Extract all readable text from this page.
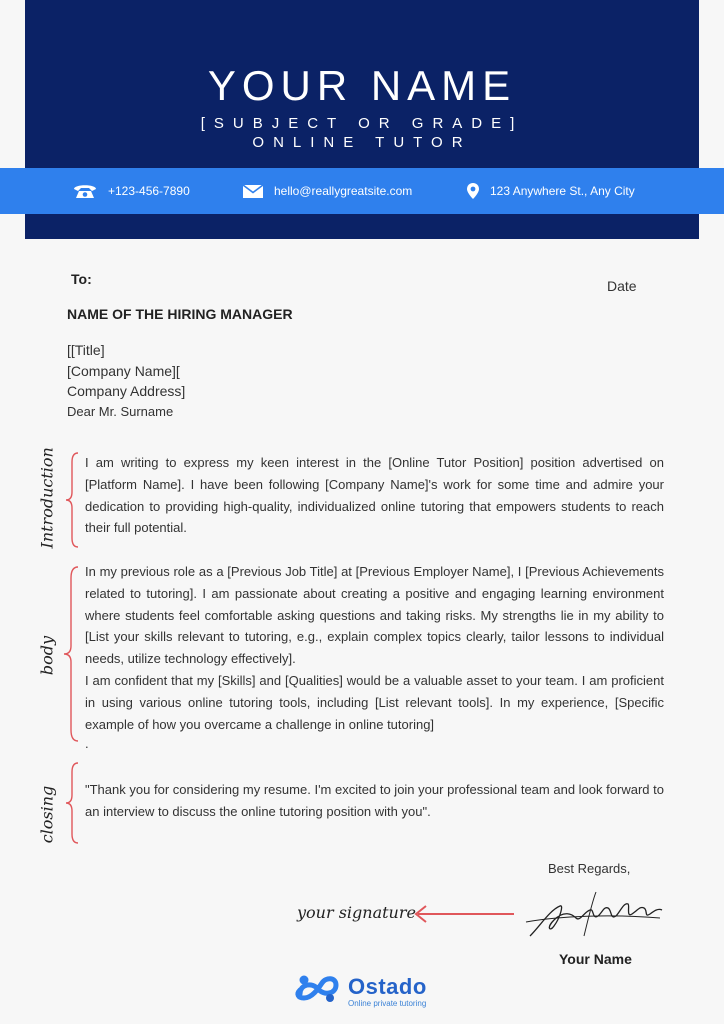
YOUR NAME
[SUBJECT OR GRADE]
ONLINE TUTOR
+123-456-7890	hello@reallygreatsite.com	123 Anywhere St., Any City
To:	Date
NAME OF THE HIRING MANAGER
[[Title]
[Company Name][
Company Address]
Dear Mr. Surname
Introduction
body
closing

I am writing to express my keen interest in the [Online Tutor Position] position advertised on [Platform Name]. I have been following [Company Name]'s work for some time and admire your dedication to providing high-quality, individualized online tutoring that empowers students to reach their full potential.

In my previous role as a [Previous Job Title] at [Previous Employer Name], I [Previous Achievements related to tutoring]. I am passionate about creating a positive and engaging learning environment where students feel comfortable asking questions and taking risks. My strengths lie in my ability to [List your skills relevant to tutoring, e.g., explain complex topics clearly, tailor lessons to individual needs, utilize technology effectively].

I am confident that my [Skills] and [Qualities] would be a valuable asset to your team. I am proficient in using various online tutoring tools, including [List relevant tools]. In my experience, [Specific example of how you overcame a challenge in online tutoring]

.

"Thank you for considering my resume. I'm excited to join your professional team and look forward to an interview to discuss the online tutoring position with you".

Best Regards,
your signature
Your Name
Ostado
Online private tutoring
